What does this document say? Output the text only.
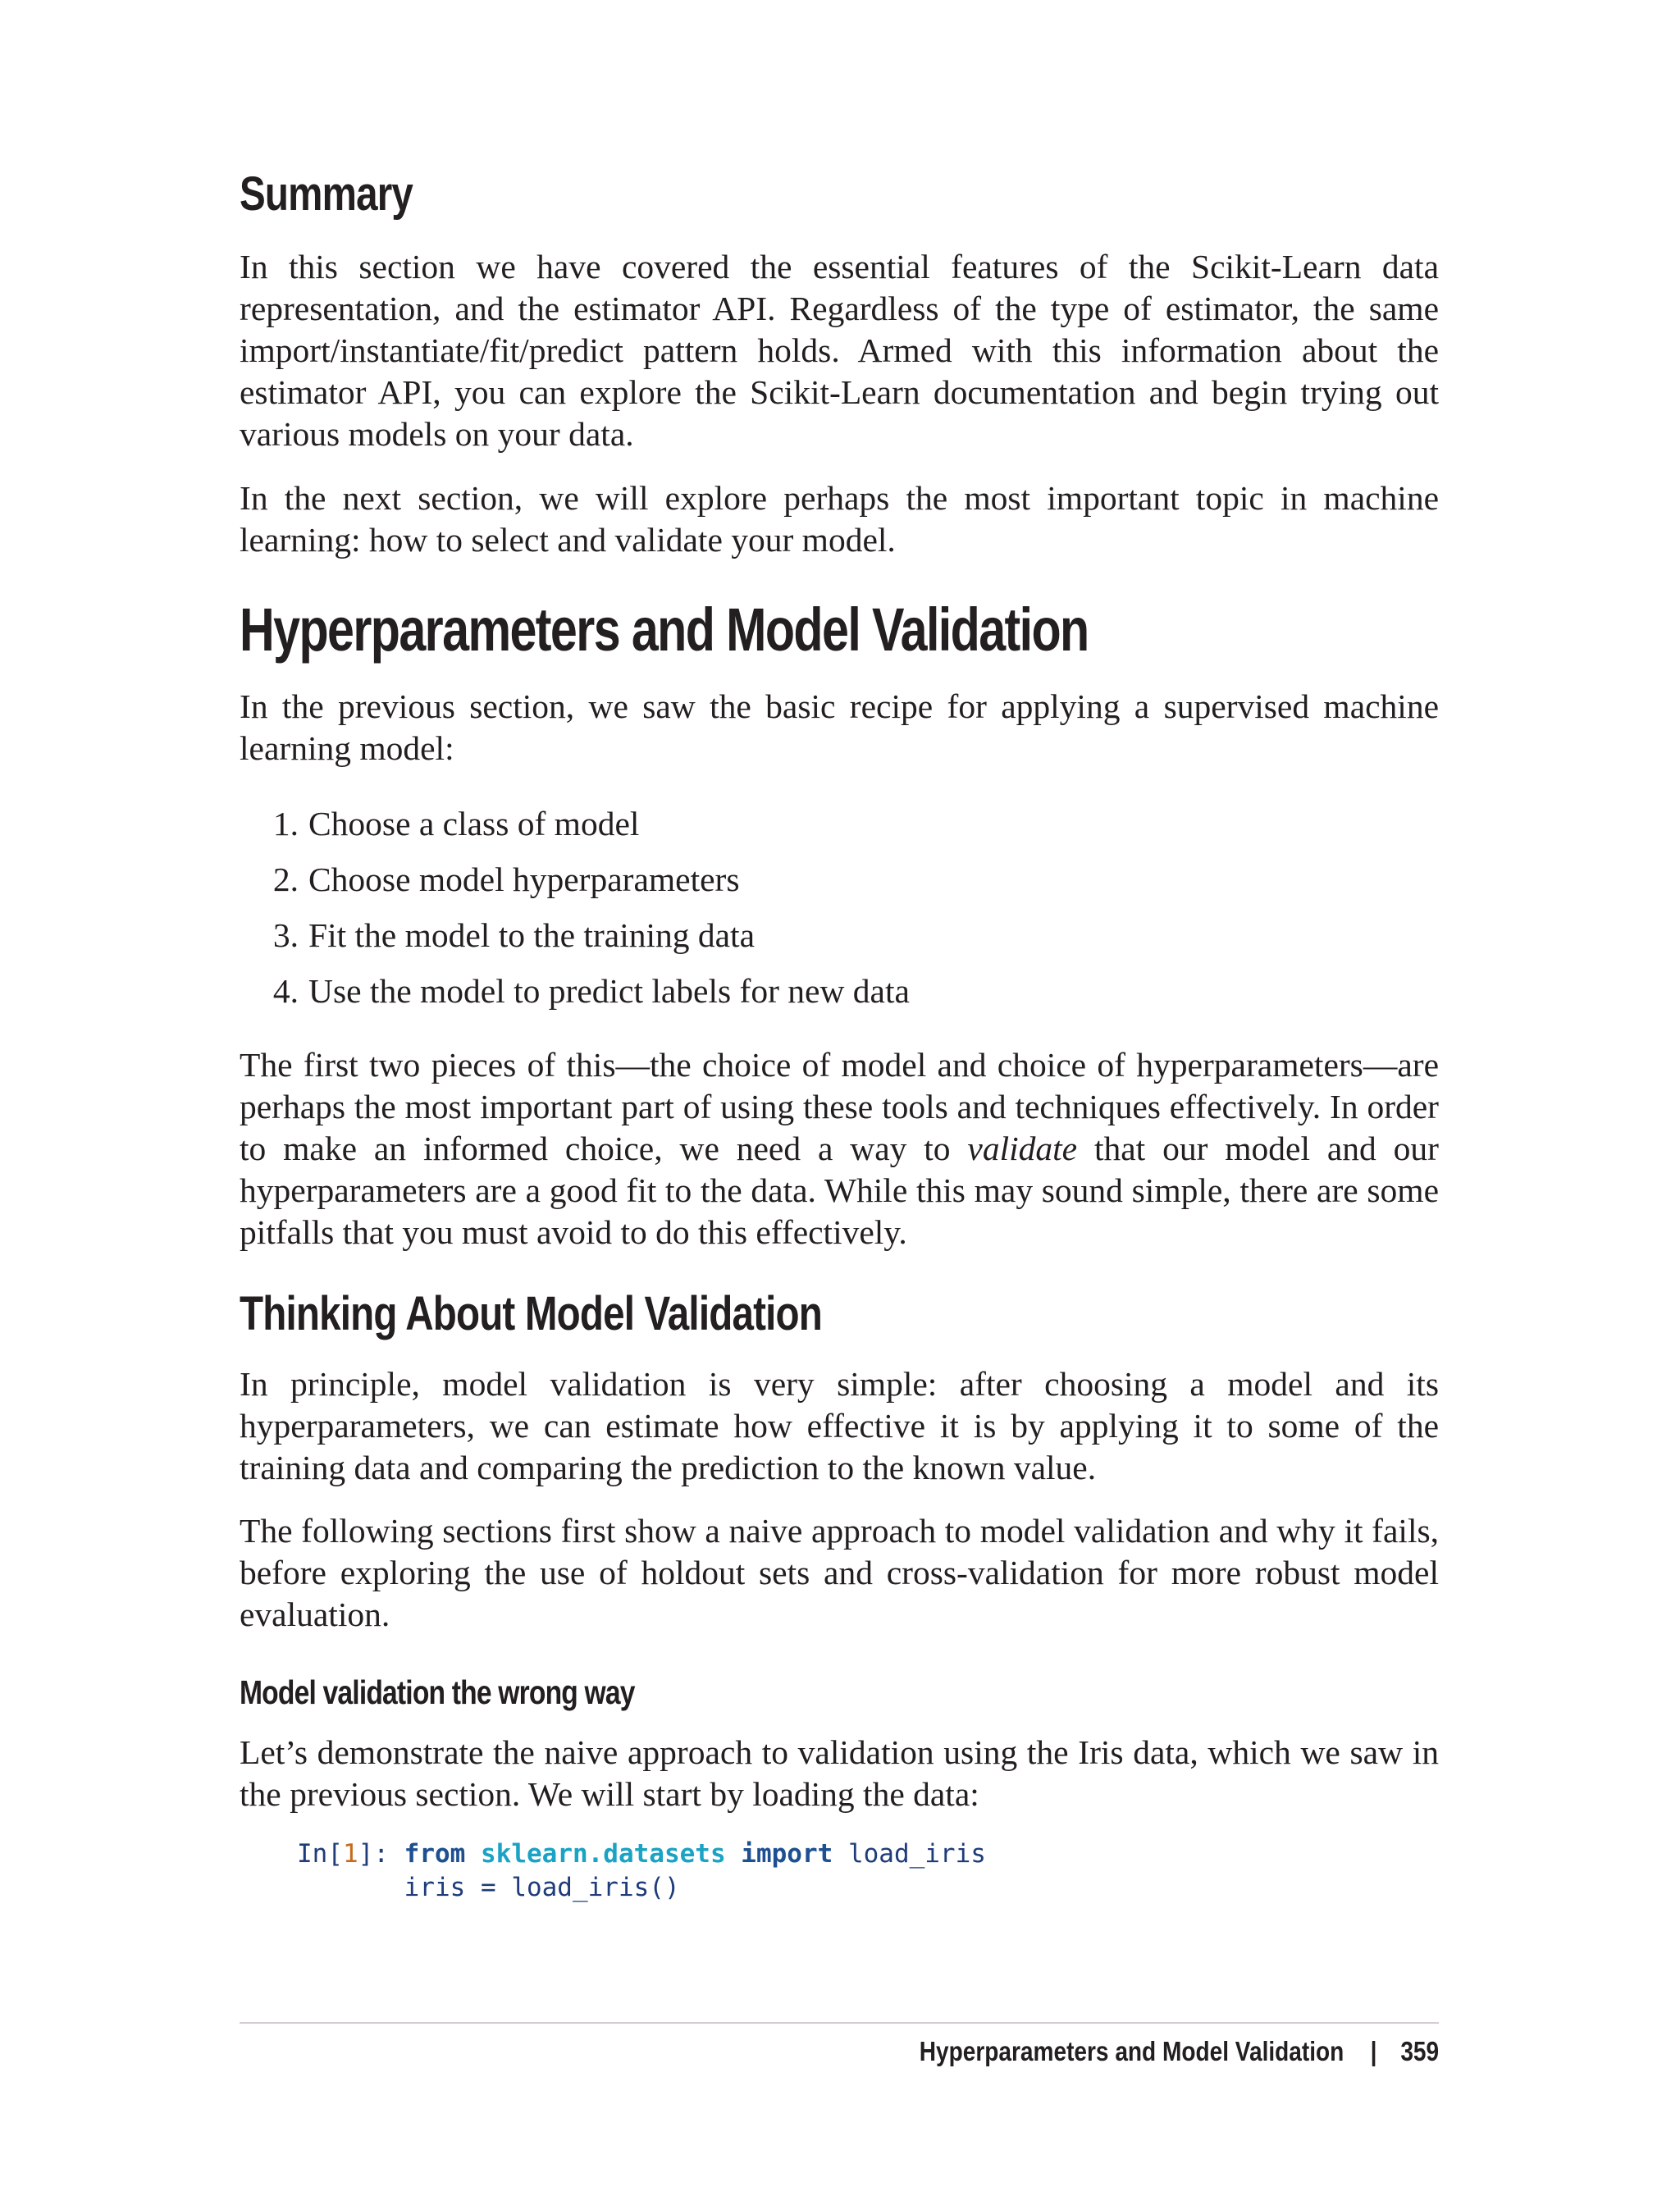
Summary

In this section we have covered the essential features of the Scikit-Learn data representation, and the estimator API. Regardless of the type of estimator, the same import/instantiate/fit/predict pattern holds. Armed with this information about the estimator API, you can explore the Scikit-Learn documentation and begin trying out various models on your data.

In the next section, we will explore perhaps the most important topic in machine learning: how to select and validate your model.

Hyperparameters and Model Validation

In the previous section, we saw the basic recipe for applying a supervised machine learning model:

1. Choose a class of model
2. Choose model hyperparameters
3. Fit the model to the training data
4. Use the model to predict labels for new data

The first two pieces of this—the choice of model and choice of hyperparameters—are perhaps the most important part of using these tools and techniques effectively. In order to make an informed choice, we need a way to validate that our model and our hyperparameters are a good fit to the data. While this may sound simple, there are some pitfalls that you must avoid to do this effectively.

Thinking About Model Validation

In principle, model validation is very simple: after choosing a model and its hyperparameters, we can estimate how effective it is by applying it to some of the training data and comparing the prediction to the known value.

The following sections first show a naive approach to model validation and why it fails, before exploring the use of holdout sets and cross-validation for more robust model evaluation.

Model validation the wrong way

Let’s demonstrate the naive approach to validation using the Iris data, which we saw in the previous section. We will start by loading the data:

In[1]: from sklearn.datasets import load_iris
iris = load_iris()
Hyperparameters and Model Validation | 359
